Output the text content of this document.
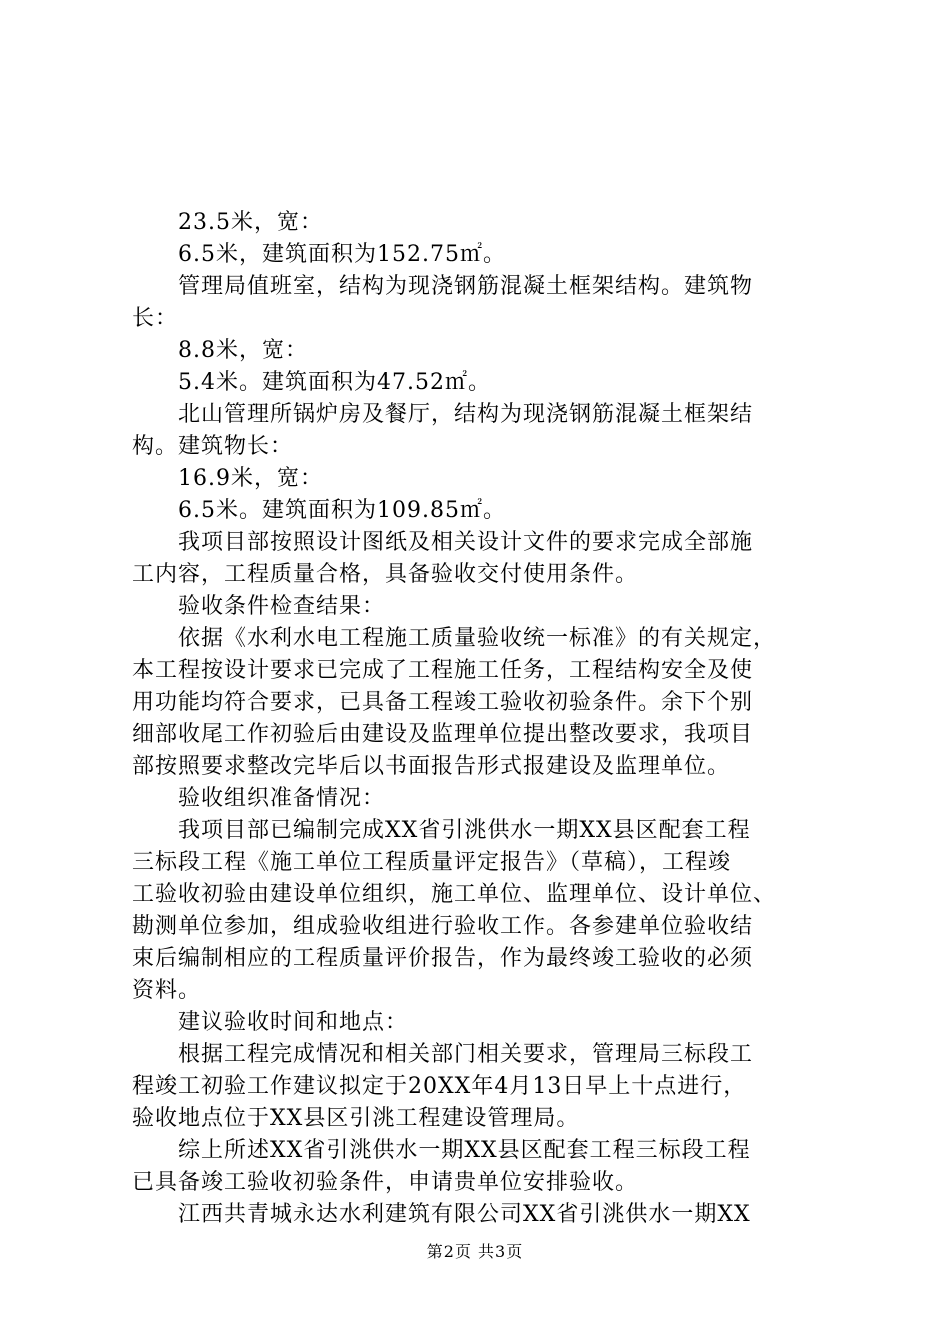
23.5米，宽：
6.5米，建筑面积为152.75㎡。
管理局值班室，结构为现浇钢筋混凝土框架结构。建筑物
长：
8.8米，宽：
5.4米。建筑面积为47.52㎡。
北山管理所锅炉房及餐厅，结构为现浇钢筋混凝土框架结
构。建筑物长：
16.9米，宽：
6.5米。建筑面积为109.85㎡。
我项目部按照设计图纸及相关设计文件的要求完成全部施
工内容，工程质量合格，具备验收交付使用条件。
验收条件检查结果：
依据《水利水电工程施工质量验收统一标准》的有关规定，
本工程按设计要求已完成了工程施工任务，工程结构安全及使
用功能均符合要求，已具备工程竣工验收初验条件。余下个别
细部收尾工作初验后由建设及监理单位提出整改要求，我项目
部按照要求整改完毕后以书面报告形式报建设及监理单位。
验收组织准备情况：
我项目部已编制完成XX省引洮供水一期XX县区配套工程
三标段工程《施工单位工程质量评定报告》（草稿），工程竣
工验收初验由建设单位组织，施工单位、监理单位、设计单位、
勘测单位参加，组成验收组进行验收工作。各参建单位验收结
束后编制相应的工程质量评价报告，作为最终竣工验收的必须
资料。
建议验收时间和地点：
根据工程完成情况和相关部门相关要求，管理局三标段工
程竣工初验工作建议拟定于20XX年4月13日早上十点进行，
验收地点位于XX县区引洮工程建设管理局。
综上所述XX省引洮供水一期XX县区配套工程三标段工程
已具备竣工验收初验条件，申请贵单位安排验收。
江西共青城永达水利建筑有限公司XX省引洮供水一期XX
第2页 共3页
